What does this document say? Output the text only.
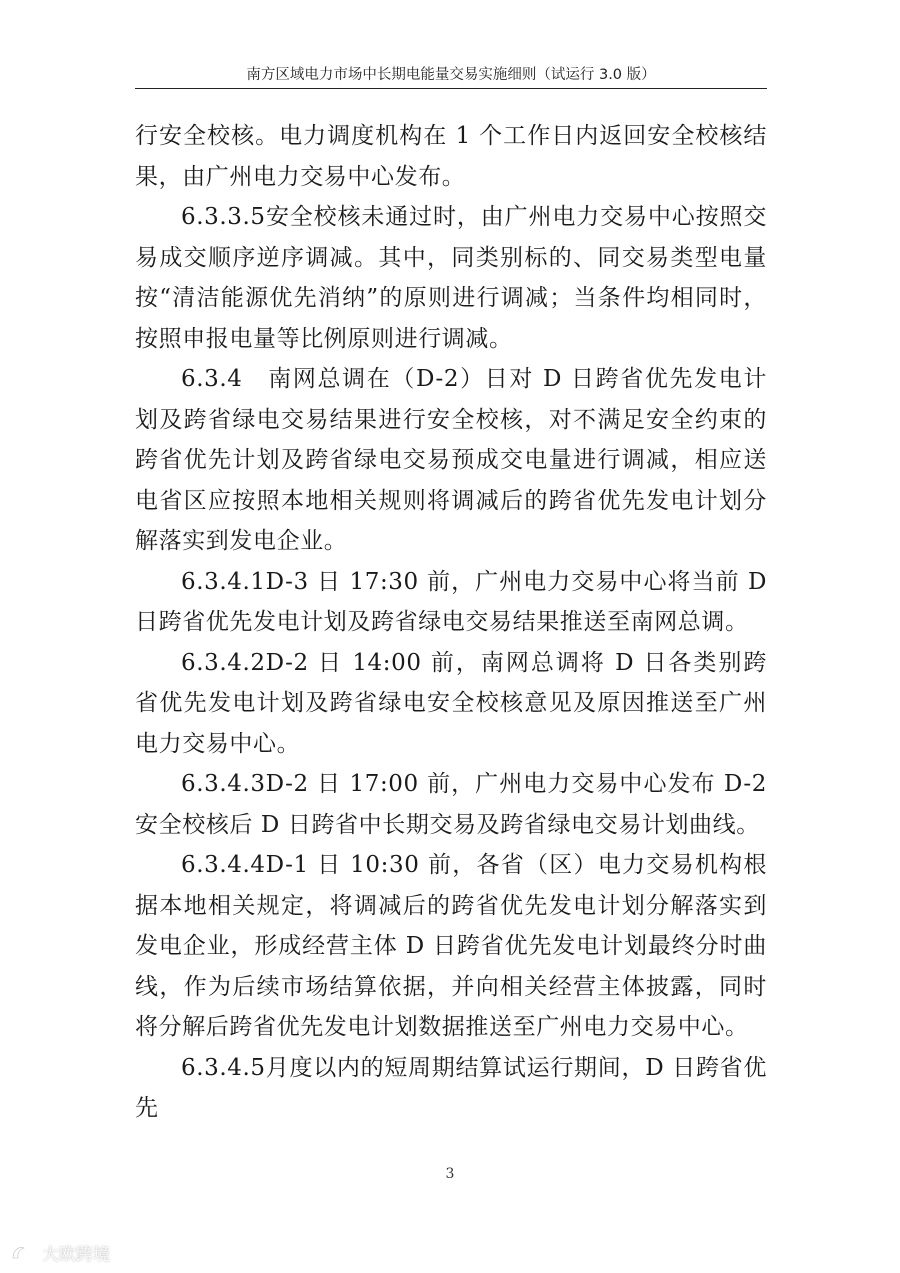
南方区域电力市场中长期电能量交易实施细则（试运行 3.0 版）

行安全校核。电力调度机构在 1 个工作日内返回安全校核结果，由广州电力交易中心发布。

6.3.3.5安全校核未通过时，由广州电力交易中心按照交易成交顺序逆序调减。其中，同类别标的、同交易类型电量按“清洁能源优先消纳”的原则进行调减；当条件均相同时，按照申报电量等比例原则进行调减。

6.3.4　南网总调在（D-2）日对 D 日跨省优先发电计划及跨省绿电交易结果进行安全校核，对不满足安全约束的跨省优先计划及跨省绿电交易预成交电量进行调减，相应送电省区应按照本地相关规则将调减后的跨省优先发电计划分解落实到发电企业。

6.3.4.1D-3 日 17:30 前，广州电力交易中心将当前 D 日跨省优先发电计划及跨省绿电交易结果推送至南网总调。

6.3.4.2D-2 日 14:00 前，南网总调将 D 日各类别跨省优先发电计划及跨省绿电安全校核意见及原因推送至广州电力交易中心。

6.3.4.3D-2 日 17:00 前，广州电力交易中心发布 D-2 安全校核后 D 日跨省中长期交易及跨省绿电交易计划曲线。

6.3.4.4D-1 日 10:30 前，各省（区）电力交易机构根据本地相关规定，将调减后的跨省优先发电计划分解落实到发电企业，形成经营主体 D 日跨省优先发电计划最终分时曲线，作为后续市场结算依据，并向相关经营主体披露，同时将分解后跨省优先发电计划数据推送至广州电力交易中心。

6.3.4.5月度以内的短周期结算试运行期间，D 日跨省优先

3
大欧跨境
